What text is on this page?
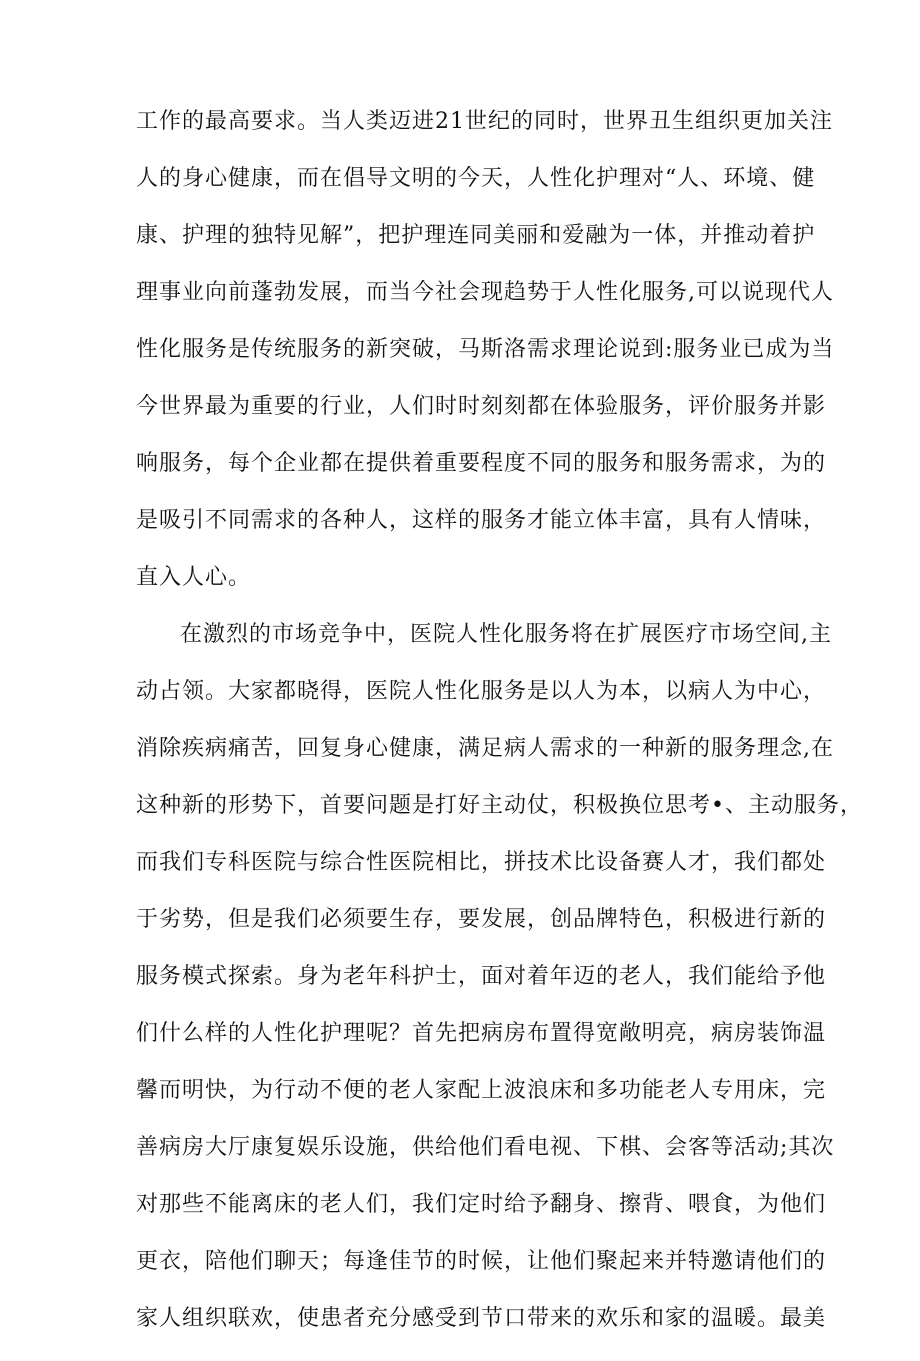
工作的最高要求。当人类迈进21世纪的同时，世界丑生组织更加关注
人的身心健康，而在倡导文明的今天，人性化护理对“人、环境、健
康、护理的独特见解”，把护理连同美丽和爱融为一体，并推动着护
理事业向前蓬勃发展，而当今社会现趋势于人性化服务,可以说现代人
性化服务是传统服务的新突破，马斯洛需求理论说到:服务业已成为当
今世界最为重要的行业，人们时时刻刻都在体验服务，评价服务并影
响服务，每个企业都在提供着重要程度不同的服务和服务需求，为的
是吸引不同需求的各种人，这样的服务才能立体丰富，具有人情味，
直入人心。
在激烈的市场竞争中，医院人性化服务将在扩展医疗市场空间,主
动占领。大家都晓得，医院人性化服务是以人为本，以病人为中心，
消除疾病痛苦，回复身心健康，满足病人需求的一种新的服务理念,在
这种新的形势下，首要问题是打好主动仗，积极换位思考•、主动服务，
而我们专科医院与综合性医院相比，拼技术比设备赛人才，我们都处
于劣势，但是我们必须要生存，要发展，创品牌特色，积极进行新的
服务模式探索。身为老年科护士，面对着年迈的老人，我们能给予他
们什么样的人性化护理呢？首先把病房布置得宽敞明亮，病房装饰温
馨而明快，为行动不便的老人家配上波浪床和多功能老人专用床，完
善病房大厅康复娱乐设施，供给他们看电视、下棋、会客等活动;其次
对那些不能离床的老人们，我们定时给予翻身、擦背、喂食，为他们
更衣，陪他们聊天；每逢佳节的时候，让他们聚起来并特邀请他们的
家人组织联欢，使患者充分感受到节口带来的欢乐和家的温暖。最美
